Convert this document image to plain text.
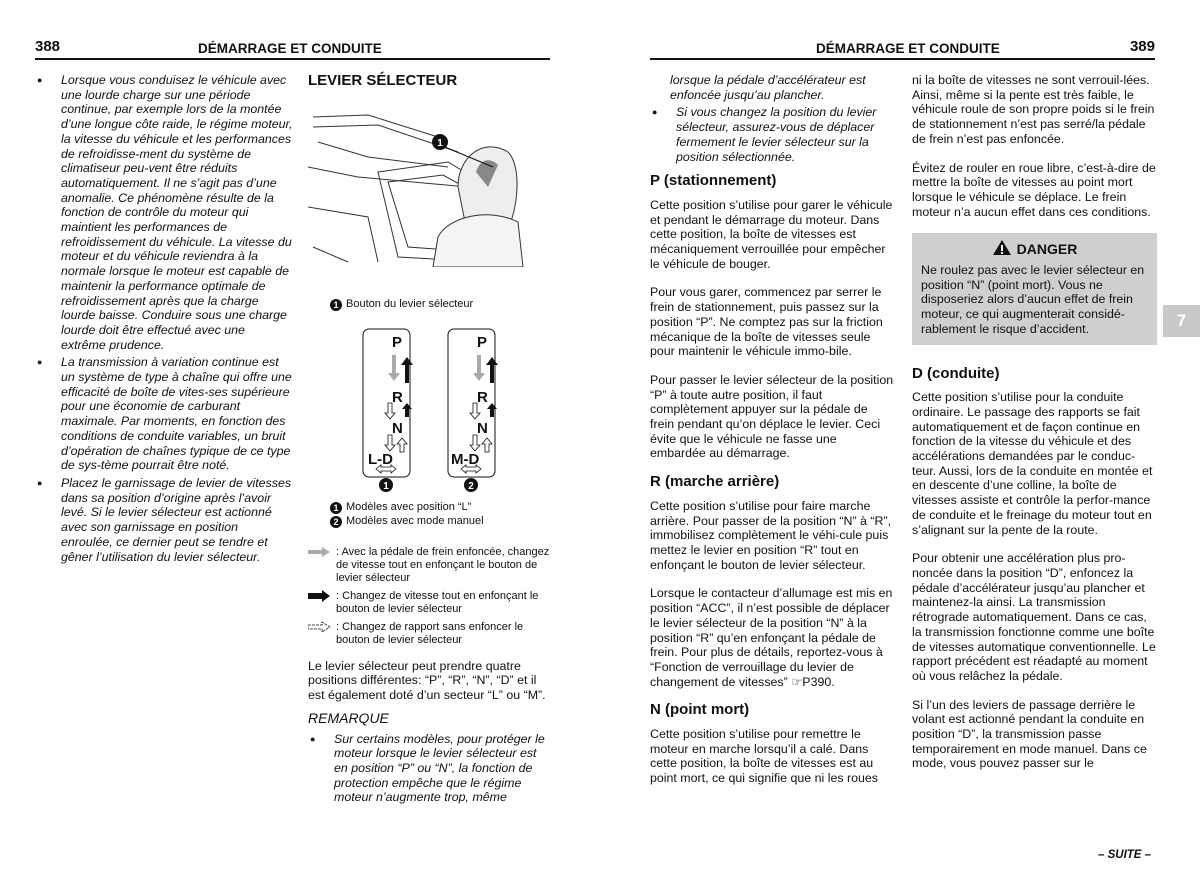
388	DÉMARRAGE ET CONDUITE	DÉMARRAGE ET CONDUITE	389
● Lorsque vous conduisez le véhicule avec une lourde charge sur une période continue, par exemple lors de la montée d’une longue côte raide, le régime moteur, la vitesse du véhicule et les performances de refroidisse-ment du système de climatiseur peu-vent être réduits automatiquement. Il ne s’agit pas d’une anomalie. Ce phénomène résulte de la fonction de contrôle du moteur qui maintient les performances de refroidissement du véhicule. La vitesse du moteur et du véhicule reviendra à la normale lorsque le moteur est capable de maintenir la performance optimale de refroidissement après que la charge lourde baisse. Conduire sous une charge lourde doit être effectué avec une extrême prudence.
● La transmission à variation continue est un système de type à chaîne qui offre une efficacité de boîte de vites-ses supérieure pour une économie de carburant maximale. Par moments, en fonction des conditions de conduite variables, un bruit d’opération de chaînes typique de ce type de sys-tème pourrait être noté.
● Placez le garnissage de levier de vitesses dans sa position d’origine après l’avoir levé. Si le levier sélecteur est actionné avec son garnissage en position enroulée, ce dernier peut se tendre et gêner l’utilisation du levier sélecteur.
LEVIER SÉLECTEUR
1
1 Bouton du levier sélecteur
P
R
N
L-D
P
R
N
M-D
1	2
1 Modèles avec position “L”
2 Modèles avec mode manuel
: Avec la pédale de frein enfoncée, changez de vitesse tout en enfonçant le bouton de levier sélecteur
: Changez de vitesse tout en enfonçant le bouton de levier sélecteur
: Changez de rapport sans enfoncer le bouton de levier sélecteur

Le levier sélecteur peut prendre quatre positions différentes: “P”, “R”, “N”, “D” et il est également doté d’un secteur “L” ou “M”.

REMARQUE
● Sur certains modèles, pour protéger le moteur lorsque le levier sélecteur est en position “P” ou “N”, la fonction de protection empêche que le régime moteur n’augmente trop, même

lorsque la pédale d’accélérateur est enfoncée jusqu’au plancher.

● Si vous changez la position du levier sélecteur, assurez-vous de déplacer fermement le levier sélecteur sur la position sélectionnée.
P (stationnement)

Cette position s’utilise pour garer le véhicule et pendant le démarrage du moteur. Dans cette position, la boîte de vitesses est mécaniquement verrouillée pour empêcher le véhicule de bouger.

Pour vous garer, commencez par serrer le frein de stationnement, puis passez sur la position “P”. Ne comptez pas sur la friction mécanique de la boîte de vitesses seule pour maintenir le véhicule immo-bile.

Pour passer le levier sélecteur de la position “P” à toute autre position, il faut complètement appuyer sur la pédale de frein pendant qu’on déplace le levier. Ceci évite que le véhicule ne fasse une embardée au démarrage.

R (marche arrière)

Cette position s’utilise pour faire marche arrière. Pour passer de la position “N” à “R”, immobilisez complètement le véhi-cule puis mettez le levier en position “R” tout en enfonçant le bouton de levier sélecteur.

Lorsque le contacteur d’allumage est mis en position “ACC”, il n’est possible de déplacer le levier sélecteur de la position “N” à la position “R” qu’en enfonçant la pédale de frein. Pour plus de détails, reportez-vous à “Fonction de verrouillage du levier de changement de vitesses” ☞P390.

N (point mort)

Cette position s’utilise pour remettre le moteur en marche lorsqu’il a calé. Dans cette position, la boîte de vitesses est au point mort, ce qui signifie que ni les roues

ni la boîte de vitesses ne sont verrouil-lées. Ainsi, même si la pente est très faible, le véhicule roule de son propre poids si le frein de stationnement n’est pas serré/la pédale de frein n’est pas enfoncée.

Évitez de rouler en roue libre, c’est-à-dire de mettre la boîte de vitesses au point mort lorsque le véhicule se déplace. Le frein moteur n’a aucun effet dans ces conditions.

DANGER
Ne roulez pas avec le levier sélecteur en position “N” (point mort). Vous ne disposeriez alors d’aucun effet de frein moteur, ce qui augmenterait considé-rablement le risque d’accident.
D (conduite)

Cette position s’utilise pour la conduite ordinaire. Le passage des rapports se fait automatiquement et de façon continue en fonction de la vitesse du véhicule et des accélérations demandées par le conduc-teur. Aussi, lors de la conduite en montée et en descente d’une colline, la boîte de vitesses assiste et contrôle la perfor-mance de conduite et le freinage du moteur tout en s’alignant sur la pente de la route.

Pour obtenir une accélération plus pro-noncée dans la position “D”, enfoncez la pédale d’accélérateur jusqu’au plancher et maintenez-la ainsi. La transmission rétrograde automatiquement. Dans ce cas, la transmission fonctionne comme une boîte de vitesses automatique conventionnelle. Le rapport précédent est réadapté au moment où vous relâchez la pédale.

Si l’un des leviers de passage derrière le volant est actionné pendant la conduite en position “D”, la transmission passe temporairement en mode manuel. Dans ce mode, vous pouvez passer sur le

7
– SUITE –
